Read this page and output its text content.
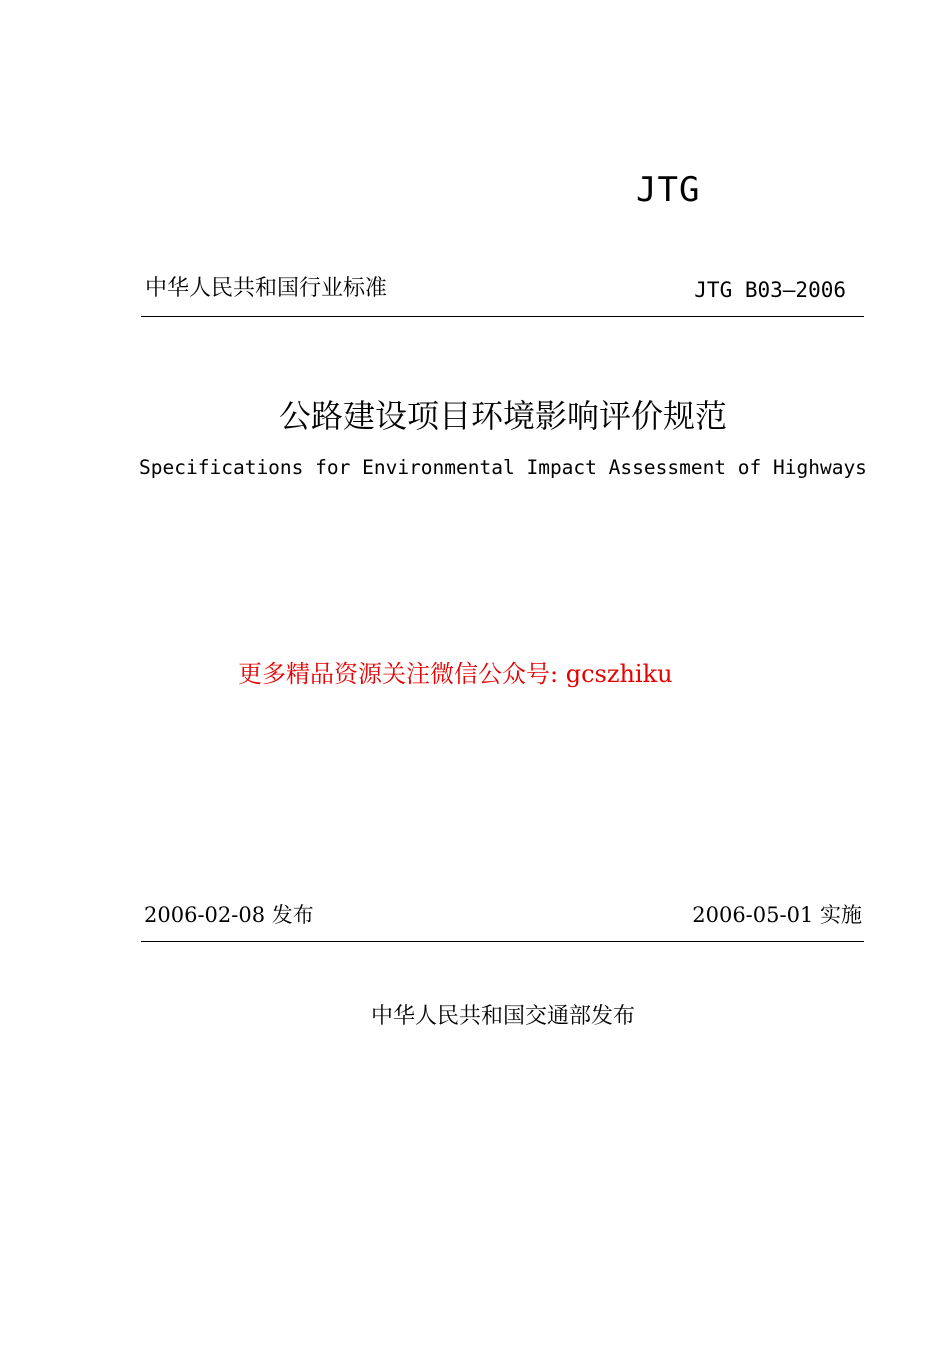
JTG
中华人民共和国行业标准	JTG B03—2006
公路建设项目环境影响评价规范
Specifications for Environmental Impact Assessment of Highways
更多精品资源关注微信公众号: gcszhiku
2006-02-08 发布	2006-05-01 实施
中华人民共和国交通部发布
